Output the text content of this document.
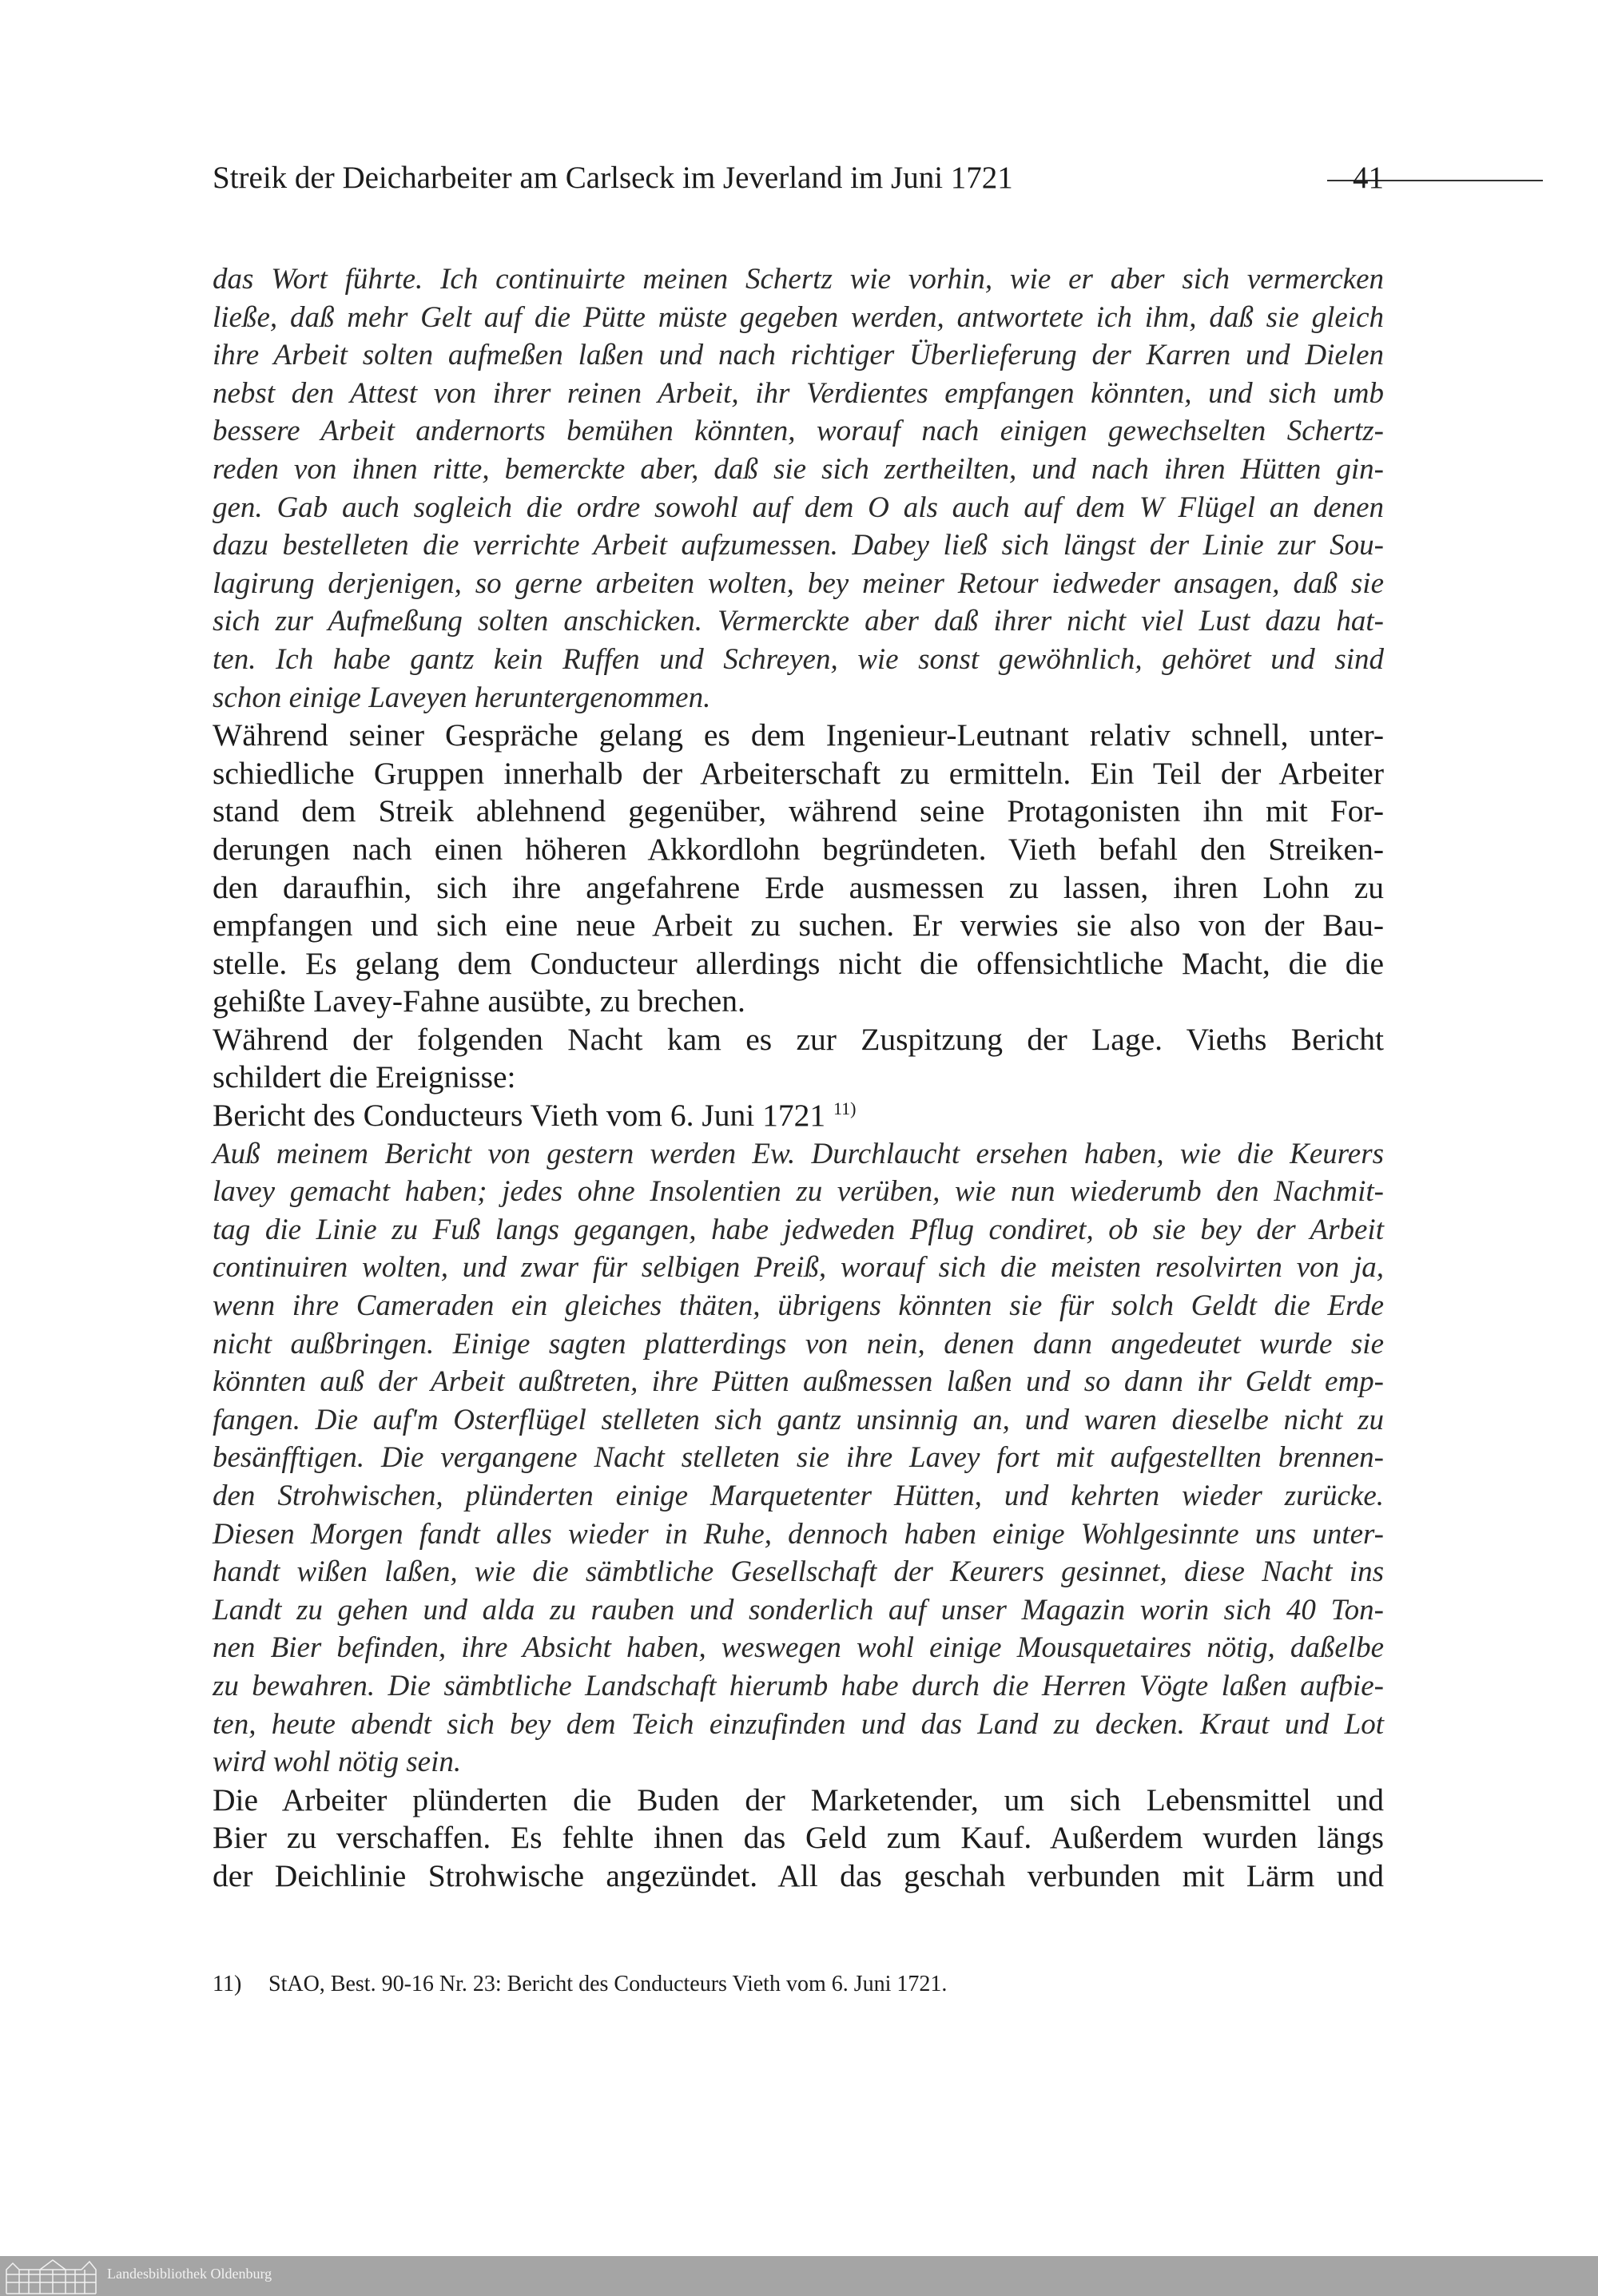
Streik der Deicharbeiter am Carlseck im Jeverland im Juni 1721	41
das Wort führte. Ich continuirte meinen Schertz wie vorhin, wie er aber sich vermercken
ließe, daß mehr Gelt auf die Pütte müste gegeben werden, antwortete ich ihm, daß sie gleich
ihre Arbeit solten aufmeßen laßen und nach richtiger Überlieferung der Karren und Dielen
nebst den Attest von ihrer reinen Arbeit, ihr Verdientes empfangen könnten, und sich umb
bessere Arbeit andernorts bemühen könnten, worauf nach einigen gewechselten Schertz-
reden von ihnen ritte, bemerckte aber, daß sie sich zertheilten, und nach ihren Hütten gin-
gen. Gab auch sogleich die ordre sowohl auf dem O als auch auf dem W Flügel an denen
dazu bestelleten die verrichte Arbeit aufzumessen. Dabey ließ sich längst der Linie zur Sou-
lagirung derjenigen, so gerne arbeiten wolten, bey meiner Retour iedweder ansagen, daß sie
sich zur Aufmeßung solten anschicken. Vermerckte aber daß ihrer nicht viel Lust dazu hat-
ten. Ich habe gantz kein Ruffen und Schreyen, wie sonst gewöhnlich, gehöret und sind
schon einige Laveyen heruntergenommen.
Während seiner Gespräche gelang es dem Ingenieur-Leutnant relativ schnell, unter-
schiedliche Gruppen innerhalb der Arbeiterschaft zu ermitteln. Ein Teil der Arbeiter
stand dem Streik ablehnend gegenüber, während seine Protagonisten ihn mit For-
derungen nach einen höheren Akkordlohn begründeten. Vieth befahl den Streiken-
den daraufhin, sich ihre angefahrene Erde ausmessen zu lassen, ihren Lohn zu
empfangen und sich eine neue Arbeit zu suchen. Er verwies sie also von der Bau-
stelle. Es gelang dem Conducteur allerdings nicht die offensichtliche Macht, die die
gehißte Lavey-Fahne ausübte, zu brechen.
Während der folgenden Nacht kam es zur Zuspitzung der Lage. Vieths Bericht
schildert die Ereignisse:
Bericht des Conducteurs Vieth vom 6. Juni 1721 $^{11)}$
Auß meinem Bericht von gestern werden Ew. Durchlaucht ersehen haben, wie die Keurers
lavey gemacht haben; jedes ohne Insolentien zu verüben, wie nun wiederumb den Nachmit-
tag die Linie zu Fuß langs gegangen, habe jedweden Pflug condiret, ob sie bey der Arbeit
continuiren wolten, und zwar für selbigen Preiß, worauf sich die meisten resolvirten von ja,
wenn ihre Cameraden ein gleiches thäten, übrigens könnten sie für solch Geldt die Erde
nicht außbringen. Einige sagten platterdings von nein, denen dann angedeutet wurde sie
könnten auß der Arbeit außtreten, ihre Pütten außmessen laßen und so dann ihr Geldt emp-
fangen. Die auf'm Osterflügel stelleten sich gantz unsinnig an, und waren dieselbe nicht zu
besänfftigen. Die vergangene Nacht stelleten sie ihre Lavey fort mit aufgestellten brennen-
den Strohwischen, plünderten einige Marquetenter Hütten, und kehrten wieder zurücke.
Diesen Morgen fandt alles wieder in Ruhe, dennoch haben einige Wohlgesinnte uns unter-
handt wißen laßen, wie die sämbtliche Gesellschaft der Keurers gesinnet, diese Nacht ins
Landt zu gehen und alda zu rauben und sonderlich auf unser Magazin worin sich 40 Ton-
nen Bier befinden, ihre Absicht haben, weswegen wohl einige Mousquetaires nötig, daßelbe
zu bewahren. Die sämbtliche Landschaft hierumb habe durch die Herren Vögte laßen aufbie-
ten, heute abendt sich bey dem Teich einzufinden und das Land zu decken. Kraut und Lot
wird wohl nötig sein.
Die Arbeiter plünderten die Buden der Marketender, um sich Lebensmittel und
Bier zu verschaffen. Es fehlte ihnen das Geld zum Kauf. Außerdem wurden längs
der Deichlinie Strohwische angezündet. All das geschah verbunden mit Lärm und
11) StAO, Best. 90-16 Nr. 23: Bericht des Conducteurs Vieth vom 6. Juni 1721.
Landesbibliothek Oldenburg
